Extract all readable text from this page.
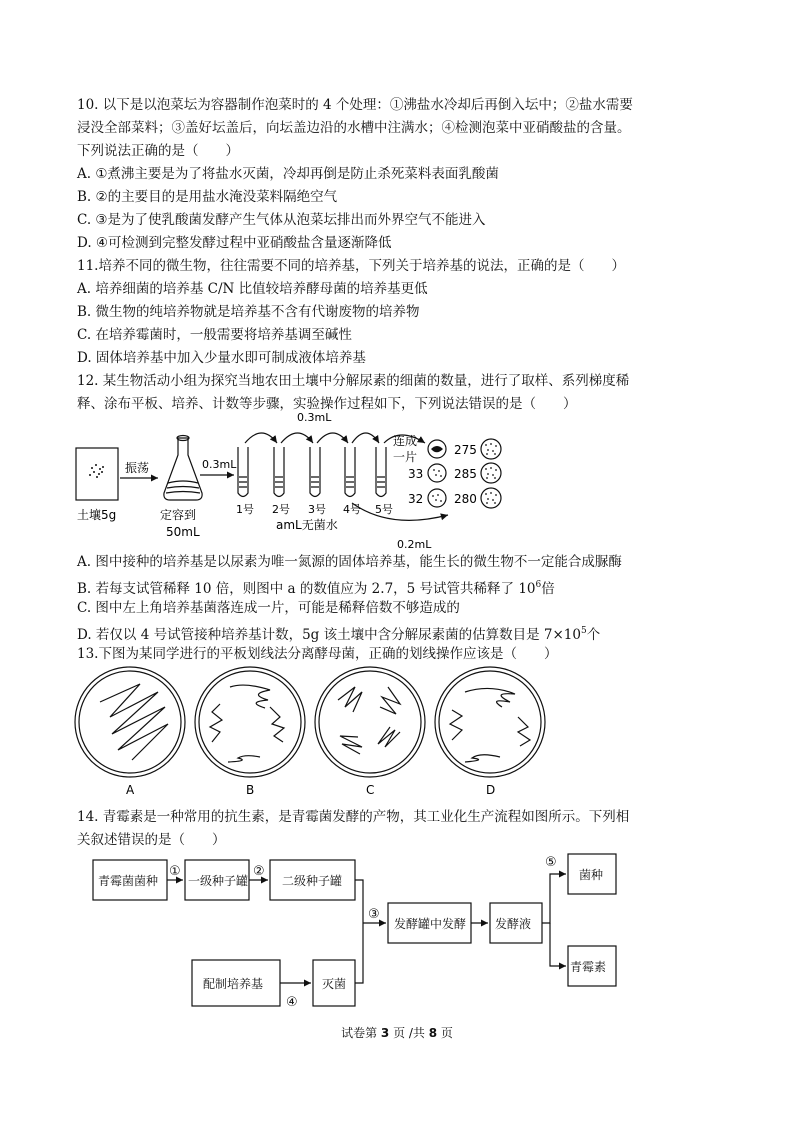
10. 以下是以泡菜坛为容器制作泡菜时的 4 个处理：①沸盐水冷却后再倒入坛中；②盐水需要
浸没全部菜料；③盖好坛盖后，向坛盖边沿的水槽中注满水；④检测泡菜中亚硝酸盐的含量。
下列说法正确的是（　　）
A. ①煮沸主要是为了将盐水灭菌，冷却再倒是防止杀死菜料表面乳酸菌
B. ②的主要目的是用盐水淹没菜料隔绝空气
C. ③是为了使乳酸菌发酵产生气体从泡菜坛排出而外界空气不能进入
D. ④可检测到完整发酵过程中亚硝酸盐含量逐渐降低
11.培养不同的微生物，往往需要不同的培养基，下列关于培养基的说法，正确的是（　　）
A. 培养细菌的培养基 C/N 比值较培养酵母菌的培养基更低
B. 微生物的纯培养物就是培养基不含有代谢废物的培养物
C. 在培养霉菌时，一般需要将培养基调至碱性
D. 固体培养基中加入少量水即可制成液体培养基
12. 某生物活动小组为探究当地农田土壤中分解尿素的细菌的数量，进行了取样、系列梯度稀
释、涂布平板、培养、计数等步骤，实验操作过程如下，下列说法错误的是（　　）
土壤5g
振荡
定容到
50mL
0.3mL
1号 2号 3号 4号 5号
amL无菌水
0.3mL
0.2mL
连成
一片
33
32
275
285
280
A. 图中接种的培养基是以尿素为唯一氮源的固体培养基，能生长的微生物不一定能合成脲酶
B. 若每支试管稀释 10 倍，则图中 a 的数值应为 2.7，5 号试管共稀释了 $10^6$倍
C. 图中左上角培养基菌落连成一片，可能是稀释倍数不够造成的
D. 若仅以 4 号试管接种培养基计数，5g 该土壤中含分解尿素菌的估算数目是 $7\times 10^5$个
13.下图为某同学进行的平板划线法分离酵母菌，正确的划线操作应该是（　　）
A	B	C	D
14. 青霉素是一种常用的抗生素，是青霉菌发酵的产物，其工业化生产流程如图所示。下列相
关叙述错误的是（　　）
青霉菌菌种 一级种子罐	二级种子罐
发酵罐中发酵 发酵液
菌种
青霉素
配制培养基	灭菌
①	②
③
④
⑤
试卷第 3 页 /共 8 页
